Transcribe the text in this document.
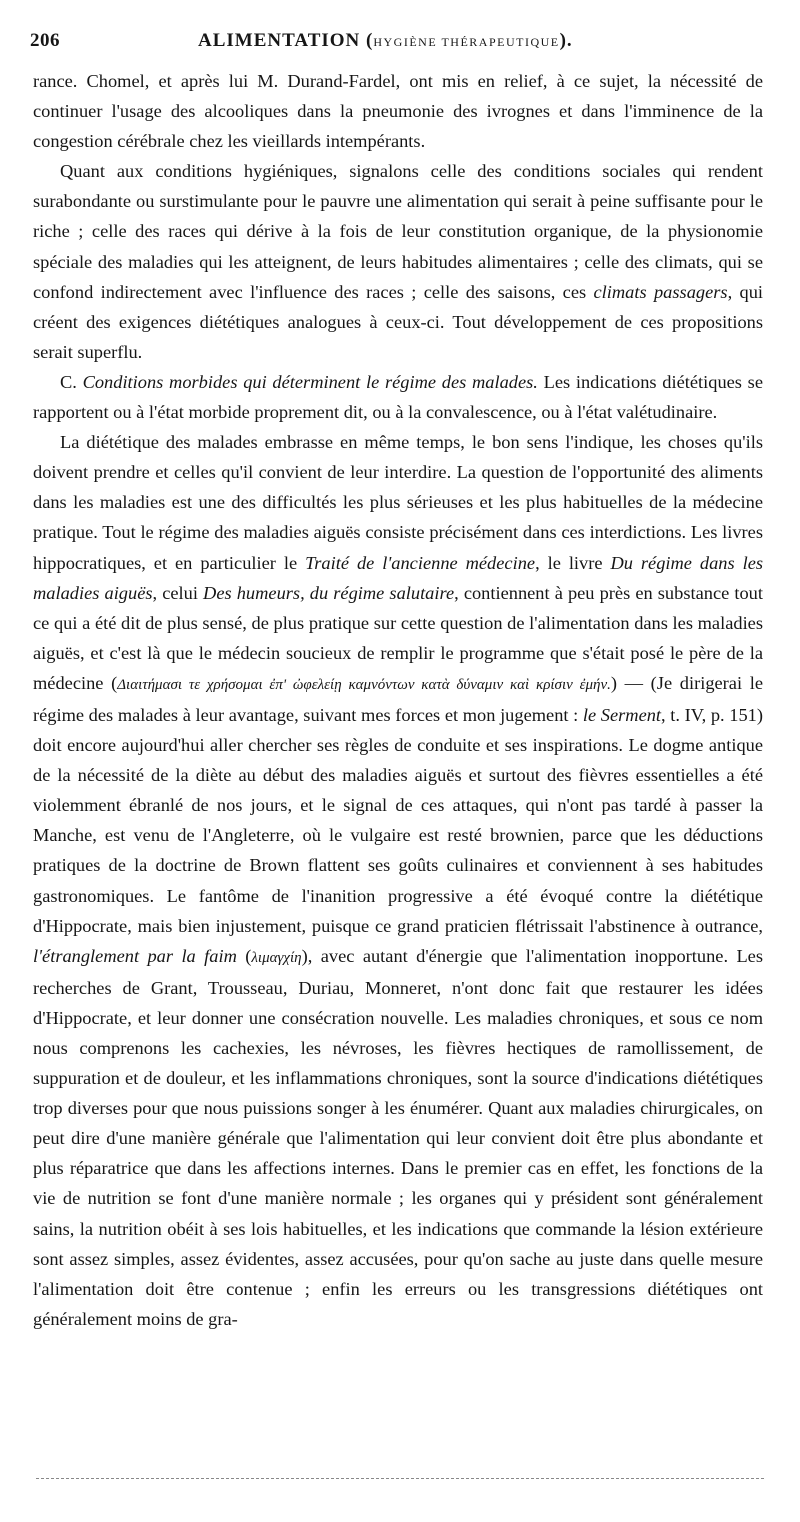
206	ALIMENTATION (HYGIÈNE THÉRAPEUTIQUE).

rance. Chomel, et après lui M. Durand-Fardel, ont mis en relief, à ce sujet, la nécessité de continuer l'usage des alcooliques dans la pneumonie des ivrognes et dans l'imminence de la congestion cérébrale chez les vieillards intempérants.

Quant aux conditions hygiéniques, signalons celle des conditions sociales qui rendent surabondante ou surstimulante pour le pauvre une alimentation qui serait à peine suffisante pour le riche ; celle des races qui dérive à la fois de leur constitution organique, de la physionomie spéciale des maladies qui les atteignent, de leurs habitudes alimentaires ; celle des climats, qui se confond indirectement avec l'influence des races ; celle des saisons, ces climats passagers, qui créent des exigences diététiques analogues à ceux-ci. Tout développement de ces propositions serait superflu.

C. Conditions morbides qui déterminent le régime des malades. Les indications diététiques se rapportent ou à l'état morbide proprement dit, ou à la convalescence, ou à l'état valétudinaire.

La diététique des malades embrasse en même temps, le bon sens l'indique, les choses qu'ils doivent prendre et celles qu'il convient de leur interdire. La question de l'opportunité des aliments dans les maladies est une des difficultés les plus sérieuses et les plus habituelles de la médecine pratique. Tout le régime des maladies aiguës consiste précisément dans ces interdictions. Les livres hippocratiques, et en particulier le Traité de l'ancienne médecine, le livre Du régime dans les maladies aiguës, celui Des humeurs, du régime salutaire, contiennent à peu près en substance tout ce qui a été dit de plus sensé, de plus pratique sur cette question de l'alimentation dans les maladies aiguës, et c'est là que le médecin soucieux de remplir le programme que s'était posé le père de la médecine (Διαιτήμασι τε χρήσομαι ἐπ' ὠφελείῃ καμνόντων κατὰ δύναμιν καὶ κρίσιν ἐμήν.) — (Je dirigerai le régime des malades à leur avantage, suivant mes forces et mon jugement : le Serment, t. IV, p. 151) doit encore aujourd'hui aller chercher ses règles de conduite et ses inspirations. Le dogme antique de la nécessité de la diète au début des maladies aiguës et surtout des fièvres essentielles a été violemment ébranlé de nos jours, et le signal de ces attaques, qui n'ont pas tardé à passer la Manche, est venu de l'Angleterre, où le vulgaire est resté brownien, parce que les déductions pratiques de la doctrine de Brown flattent ses goûts culinaires et conviennent à ses habitudes gastronomiques. Le fantôme de l'inanition progressive a été évoqué contre la diététique d'Hippocrate, mais bien injustement, puisque ce grand praticien flétrissait l'abstinence à outrance, l'étranglement par la faim (λιμαγχίη), avec autant d'énergie que l'alimentation inopportune. Les recherches de Grant, Trousseau, Duriau, Monneret, n'ont donc fait que restaurer les idées d'Hippocrate, et leur donner une consécration nouvelle. Les maladies chroniques, et sous ce nom nous comprenons les cachexies, les névroses, les fièvres hectiques de ramollissement, de suppuration et de douleur, et les inflammations chroniques, sont la source d'indications diététiques trop diverses pour que nous puissions songer à les énumérer. Quant aux maladies chirurgicales, on peut dire d'une manière générale que l'alimentation qui leur convient doit être plus abondante et plus réparatrice que dans les affections internes. Dans le premier cas en effet, les fonctions de la vie de nutrition se font d'une manière normale ; les organes qui y président sont généralement sains, la nutrition obéit à ses lois habituelles, et les indications que commande la lésion extérieure sont assez simples, assez évidentes, assez accusées, pour qu'on sache au juste dans quelle mesure l'alimentation doit être contenue ; enfin les erreurs ou les transgressions diététiques ont généralement moins de gra-
